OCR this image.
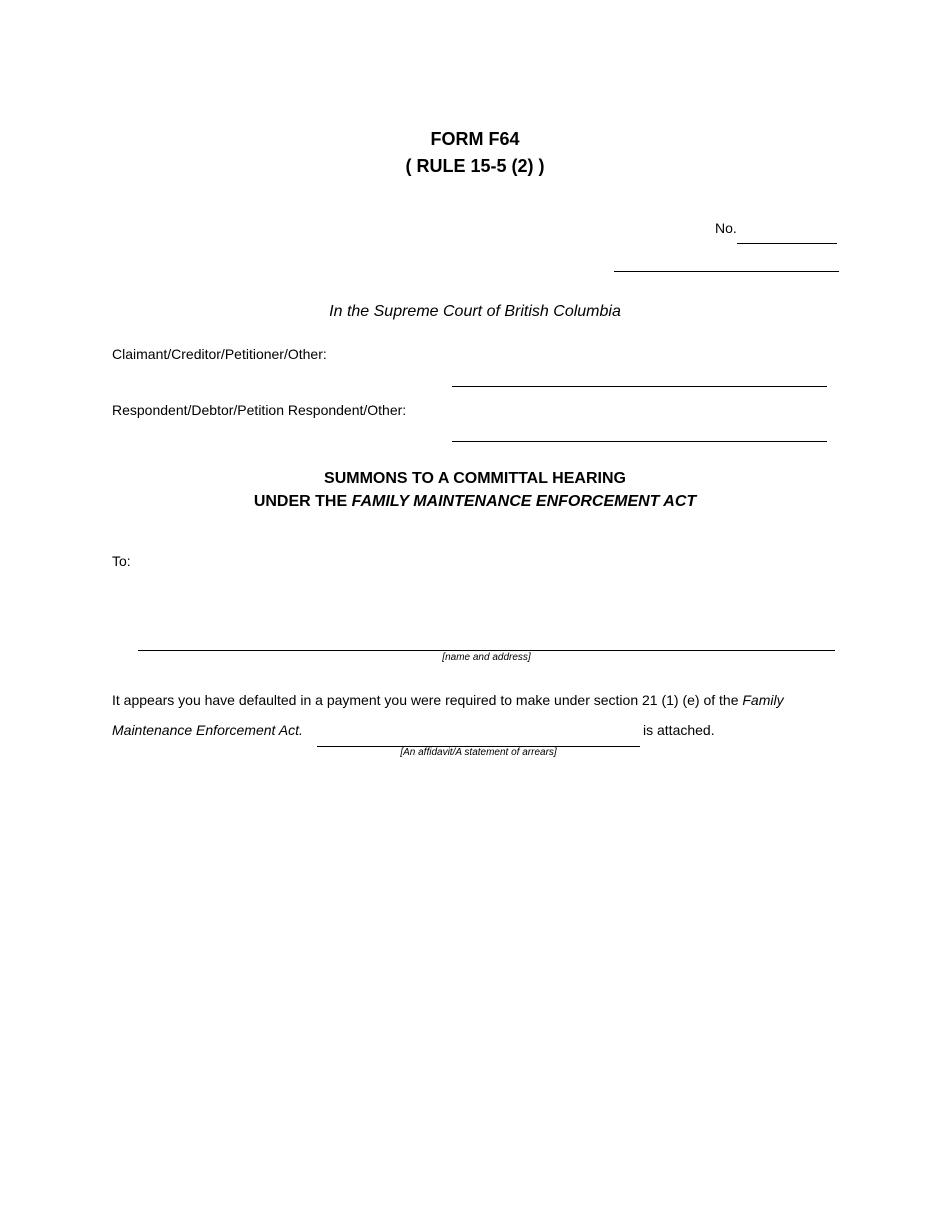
FORM F64
( RULE 15-5 (2) )
No.
In the Supreme Court of British Columbia
Claimant/Creditor/Petitioner/Other:
Respondent/Debtor/Petition Respondent/Other:
SUMMONS TO A COMMITTAL HEARING
UNDER THE FAMILY MAINTENANCE ENFORCEMENT ACT
To:
[name and address]
It appears you have defaulted in a payment you were required to make under section 21 (1) (e) of the Family
Maintenance Enforcement Act.	is attached.
[An affidavit/A statement of arrears]
